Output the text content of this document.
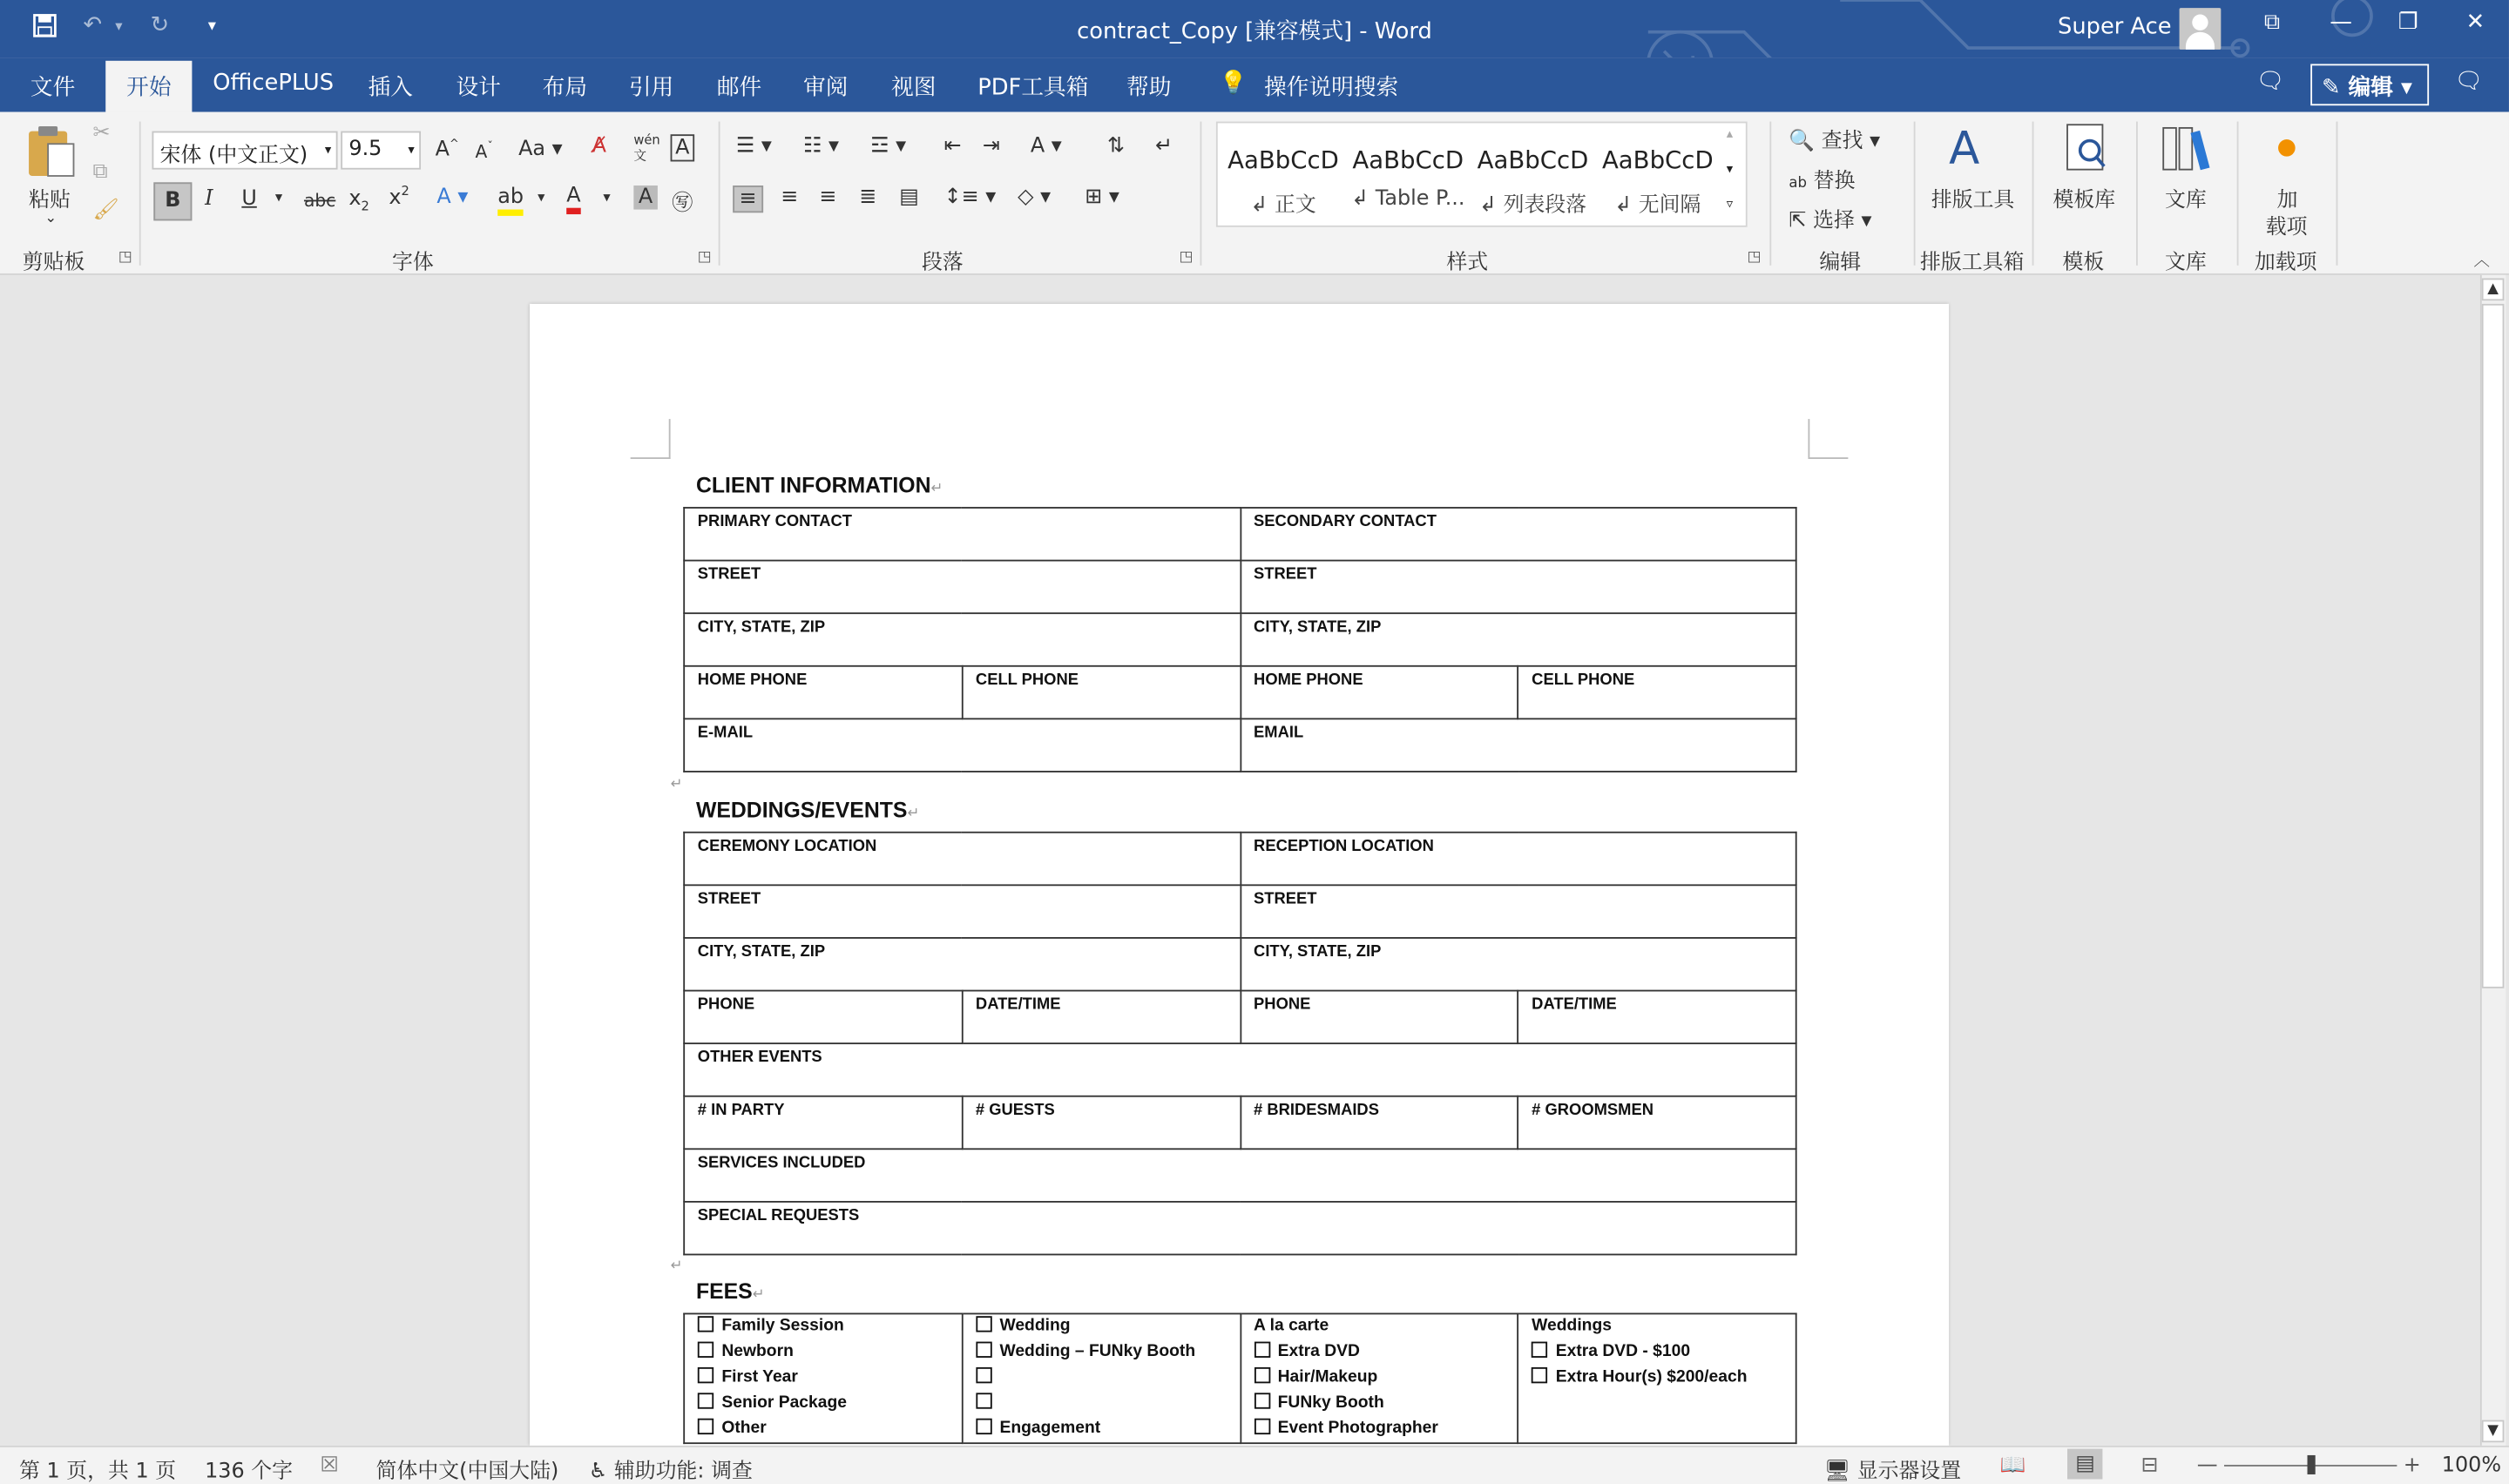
↶ ▾ ↻	▾	contract_Copy [兼容模式] - Word	Super Ace	⧉	—	❐	✕
文件	开始	OfficePLUS	插入	设计	布局	引用	邮件	审阅	视图	PDF工具箱	帮助	💡 操作说明搜索	🗨	✎ 编辑 ▾	🗨
粘贴
⌄
✂
⧉
🖌
剪贴板	◳
宋体 (中文正文) ▾	9.5	▾ A^ $A^ˇ$ Aa ▾	A̸	wén
文	A
B	I	U ▾ abc $x_2$ $x^2$ A ▾	ab ▾ A	▾	A	㊢
字体	◳
☰ ▾	☷ ▾	☲ ▾	⇤ ⇥	A ▾	⇅	↵
≡	≡ ≡ ≣ ▤ ↕≡ ▾ ◇ ▾	⊞ ▾
段落	◳
AaBbCcD
↲ 正文
AaBbCcD
↲ Table P...
AaBbCcD
↲ 列表段落
AaBbCcD
↲ 无间隔
▴
▾
▿
样式	◳
🔍 查找 ▾
ab 替换
⇱ 选择 ▾
编辑
A
排版工具
排版工具箱
模板库
模板
文库
文库
●
加
载项
加载项	︿
▲
▼
CLIENT INFORMATION↵
PRIMARY CONTACT		SECONDARY CONTACT	
STREET		STREET	
CITY, STATE, ZIP		CITY, STATE, ZIP	
HOME PHONE	CELL PHONE	HOME PHONE	CELL PHONE
E-MAIL		EMAIL	
↵
WEDDINGS/EVENTS↵
CEREMONY LOCATION		RECEPTION LOCATION	
STREET		STREET	
CITY, STATE, ZIP		CITY, STATE, ZIP	
PHONE	DATE/TIME	PHONE	DATE/TIME
OTHER EVENTS			
# IN PARTY	# GUESTS	# BRIDESMAIDS	# GROOMSMEN
SERVICES INCLUDED			
SPECIAL REQUESTS			
↵
FEES↵
Family Session
Newborn
First Year
Senior Package
Other

Wedding
Wedding – FUNky Booth
Engagement

A la carte
Extra DVD
Hair/Makeup
FUNky Booth
Event Photographer

Weddings
Extra DVD - $100
Extra Hour(s) $200/each
第 1 页，共 1 页	136 个字 ☒	简体中文(中国大陆)	♿ 辅助功能: 调查	🖥 显示器设置	📖	▤	⊟	—	+ 100%
